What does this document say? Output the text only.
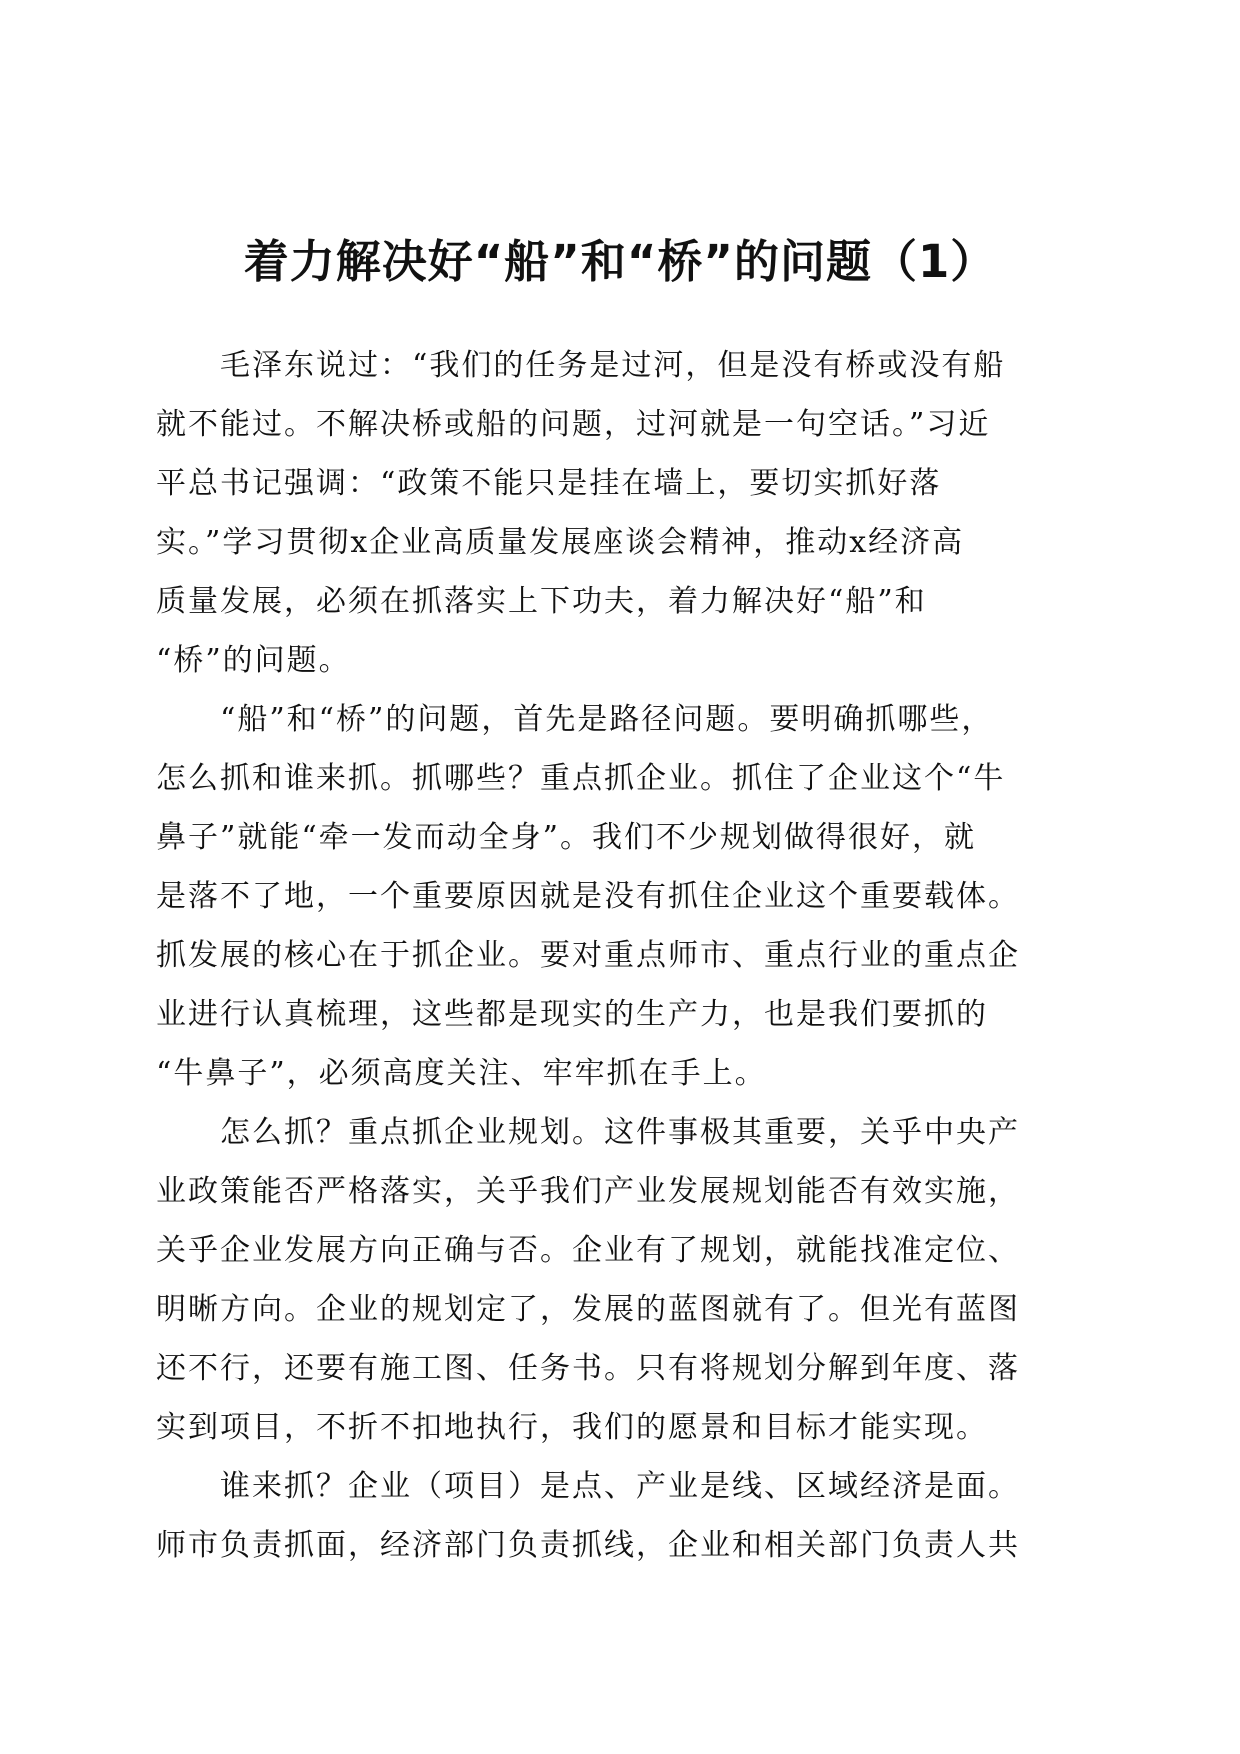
着力解决好“船”和“桥”的问题（1）
　　毛泽东说过：“我们的任务是过河，但是没有桥或没有船
就不能过。不解决桥或船的问题，过河就是一句空话。”习近
平总书记强调：“政策不能只是挂在墙上，要切实抓好落
实。”学习贯彻x企业高质量发展座谈会精神，推动x经济高
质量发展，必须在抓落实上下功夫，着力解决好“船”和
“桥”的问题。
　　“船”和“桥”的问题，首先是路径问题。要明确抓哪些，
怎么抓和谁来抓。抓哪些？重点抓企业。抓住了企业这个“牛
鼻子”就能“牵一发而动全身”。我们不少规划做得很好，就
是落不了地，一个重要原因就是没有抓住企业这个重要载体。
抓发展的核心在于抓企业。要对重点师市、重点行业的重点企
业进行认真梳理，这些都是现实的生产力，也是我们要抓的
“牛鼻子”，必须高度关注、牢牢抓在手上。
　　怎么抓？重点抓企业规划。这件事极其重要，关乎中央产
业政策能否严格落实，关乎我们产业发展规划能否有效实施，
关乎企业发展方向正确与否。企业有了规划，就能找准定位、
明晰方向。企业的规划定了，发展的蓝图就有了。但光有蓝图
还不行，还要有施工图、任务书。只有将规划分解到年度、落
实到项目，不折不扣地执行，我们的愿景和目标才能实现。
　　谁来抓？企业（项目）是点、产业是线、区域经济是面。
师市负责抓面，经济部门负责抓线，企业和相关部门负责人共
